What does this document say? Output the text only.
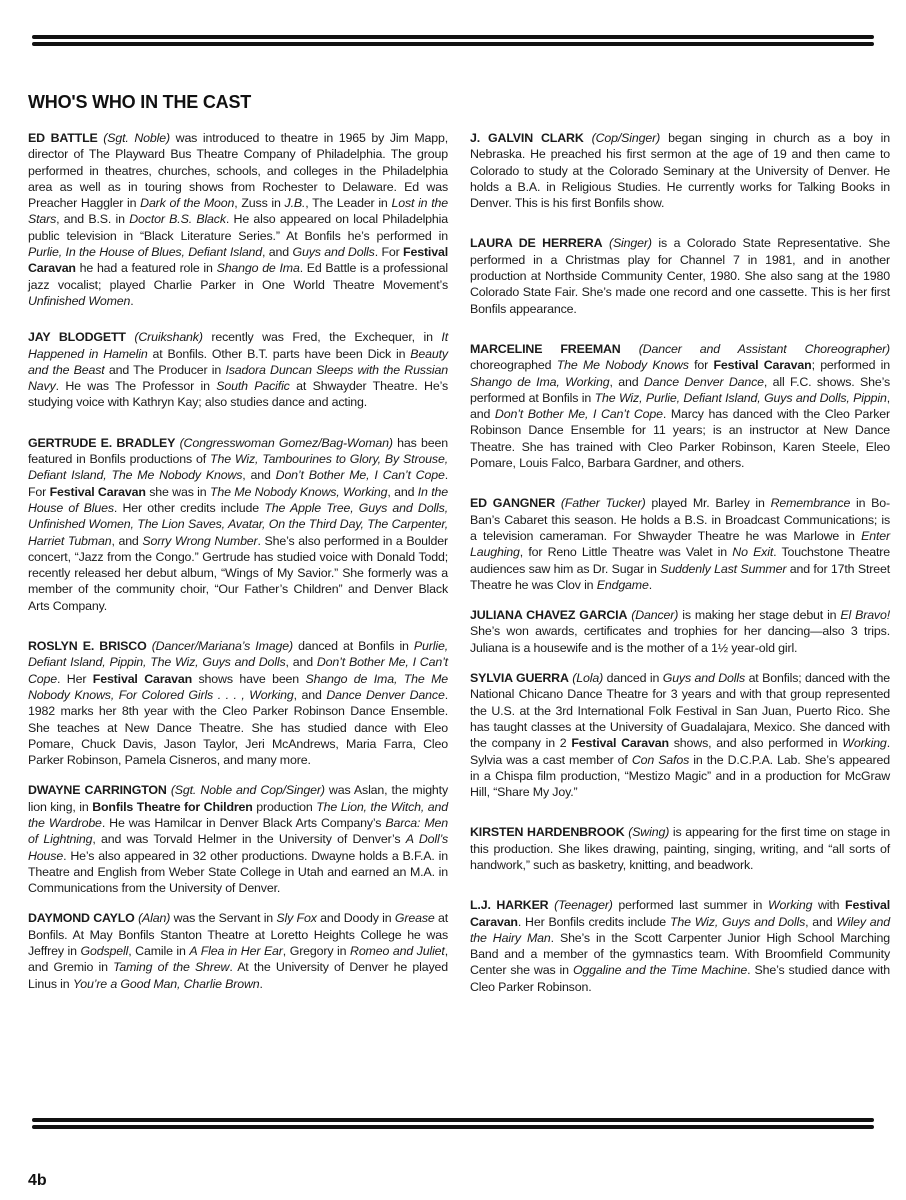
WHO'S WHO IN THE CAST

ED BATTLE (Sgt. Noble) was introduced to theatre in 1965 by Jim Mapp, director of The Playward Bus Theatre Company of Philadelphia. The group performed in theatres, churches, schools, and colleges in the Philadelphia area as well as in touring shows from Rochester to Delaware. Ed was Preacher Haggler in Dark of the Moon, Zuss in J.B., The Leader in Lost in the Stars, and B.S. in Doctor B.S. Black. He also appeared on local Philadelphia public television in “Black Literature Series.” At Bonfils he’s performed in Purlie, In the House of Blues, Defiant Island, and Guys and Dolls. For Festival Caravan he had a featured role in Shango de Ima. Ed Battle is a professional jazz vocalist; played Charlie Parker in One World Theatre Movement’s Unfinished Women.

JAY BLODGETT (Cruikshank) recently was Fred, the Exchequer, in It Happened in Hamelin at Bonfils. Other B.T. parts have been Dick in Beauty and the Beast and The Producer in Isadora Duncan Sleeps with the Russian Navy. He was The Professor in South Pacific at Shwayder Theatre. He’s studying voice with Kathryn Kay; also studies dance and acting.

GERTRUDE E. BRADLEY (Congresswoman Gomez/Bag-Woman) has been featured in Bonfils productions of The Wiz, Tambourines to Glory, By Strouse, Defiant Island, The Me Nobody Knows, and Don’t Bother Me, I Can’t Cope. For Festival Caravan she was in The Me Nobody Knows, Working, and In the House of Blues. Her other credits include The Apple Tree, Guys and Dolls, Unfinished Women, The Lion Saves, Avatar, On the Third Day, The Carpenter, Harriet Tubman, and Sorry Wrong Number. She’s also performed in a Boulder concert, “Jazz from the Congo.” Gertrude has studied voice with Donald Todd; recently released her debut album, “Wings of My Savior.” She formerly was a member of the community choir, “Our Father’s Children” and Denver Black Arts Company.

ROSLYN E. BRISCO (Dancer/Mariana’s Image) danced at Bonfils in Purlie, Defiant Island, Pippin, The Wiz, Guys and Dolls, and Don’t Bother Me, I Can’t Cope. Her Festival Caravan shows have been Shango de Ima, The Me Nobody Knows, For Colored Girls . . . , Working, and Dance Denver Dance. 1982 marks her 8th year with the Cleo Parker Robinson Dance Ensemble. She teaches at New Dance Theatre. She has studied dance with Eleo Pomare, Chuck Davis, Jason Taylor, Jeri McAndrews, Maria Farra, Cleo Parker Robinson, Pamela Cisneros, and many more.

DWAYNE CARRINGTON (Sgt. Noble and Cop/Singer) was Aslan, the mighty lion king, in Bonfils Theatre for Children production The Lion, the Witch, and the Wardrobe. He was Hamilcar in Denver Black Arts Company’s Barca: Men of Lightning, and was Torvald Helmer in the University of Denver’s A Doll’s House. He’s also appeared in 32 other productions. Dwayne holds a B.F.A. in Theatre and English from Weber State College in Utah and earned an M.A. in Communications from the University of Denver.

DAYMOND CAYLO (Alan) was the Servant in Sly Fox and Doody in Grease at Bonfils. At May Bonfils Stanton Theatre at Loretto Heights College he was Jeffrey in Godspell, Camile in A Flea in Her Ear, Gregory in Romeo and Juliet, and Gremio in Taming of the Shrew. At the University of Denver he played Linus in You’re a Good Man, Charlie Brown.

J. GALVIN CLARK (Cop/Singer) began singing in church as a boy in Nebraska. He preached his first sermon at the age of 19 and then came to Colorado to study at the Colorado Seminary at the University of Denver. He holds a B.A. in Religious Studies. He currently works for Talking Books in Denver. This is his first Bonfils show.

LAURA DE HERRERA (Singer) is a Colorado State Representative. She performed in a Christmas play for Channel 7 in 1981, and in another production at Northside Community Center, 1980. She also sang at the 1980 Colorado State Fair. She’s made one record and one cassette. This is her first Bonfils appearance.

MARCELINE FREEMAN (Dancer and Assistant Choreographer) choreographed The Me Nobody Knows for Festival Caravan; performed in Shango de Ima, Working, and Dance Denver Dance, all F.C. shows. She’s performed at Bonfils in The Wiz, Purlie, Defiant Island, Guys and Dolls, Pippin, and Don’t Bother Me, I Can’t Cope. Marcy has danced with the Cleo Parker Robinson Dance Ensemble for 11 years; is an instructor at New Dance Theatre. She has trained with Cleo Parker Robinson, Karen Steele, Eleo Pomare, Louis Falco, Barbara Gardner, and others.

ED GANGNER (Father Tucker) played Mr. Barley in Remembrance in Bo-Ban’s Cabaret this season. He holds a B.S. in Broadcast Communications; is a television cameraman. For Shwayder Theatre he was Marlowe in Enter Laughing, for Reno Little Theatre was Valet in No Exit. Touchstone Theatre audiences saw him as Dr. Sugar in Suddenly Last Summer and for 17th Street Theatre he was Clov in Endgame.

JULIANA CHAVEZ GARCIA (Dancer) is making her stage debut in El Bravo! She’s won awards, certificates and trophies for her dancing—also 3 trips. Juliana is a housewife and is the mother of a 1½ year-old girl.

SYLVIA GUERRA (Lola) danced in Guys and Dolls at Bonfils; danced with the National Chicano Dance Theatre for 3 years and with that group represented the U.S. at the 3rd International Folk Festival in San Juan, Puerto Rico. She has taught classes at the University of Guadalajara, Mexico. She danced with the company in 2 Festival Caravan shows, and also performed in Working. Sylvia was a cast member of Con Safos in the D.C.P.A. Lab. She’s appeared in a Chispa film production, “Mestizo Magic” and in a production for McGraw Hill, “Share My Joy.”

KIRSTEN HARDENBROOK (Swing) is appearing for the first time on stage in this production. She likes drawing, painting, singing, writing, and “all sorts of handwork,” such as basketry, knitting, and beadwork.

L.J. HARKER (Teenager) performed last summer in Working with Festival Caravan. Her Bonfils credits include The Wiz, Guys and Dolls, and Wiley and the Hairy Man. She’s in the Scott Carpenter Junior High School Marching Band and a member of the gymnastics team. With Broomfield Community Center she was in Oggaline and the Time Machine. She’s studied dance with Cleo Parker Robinson.

4b
